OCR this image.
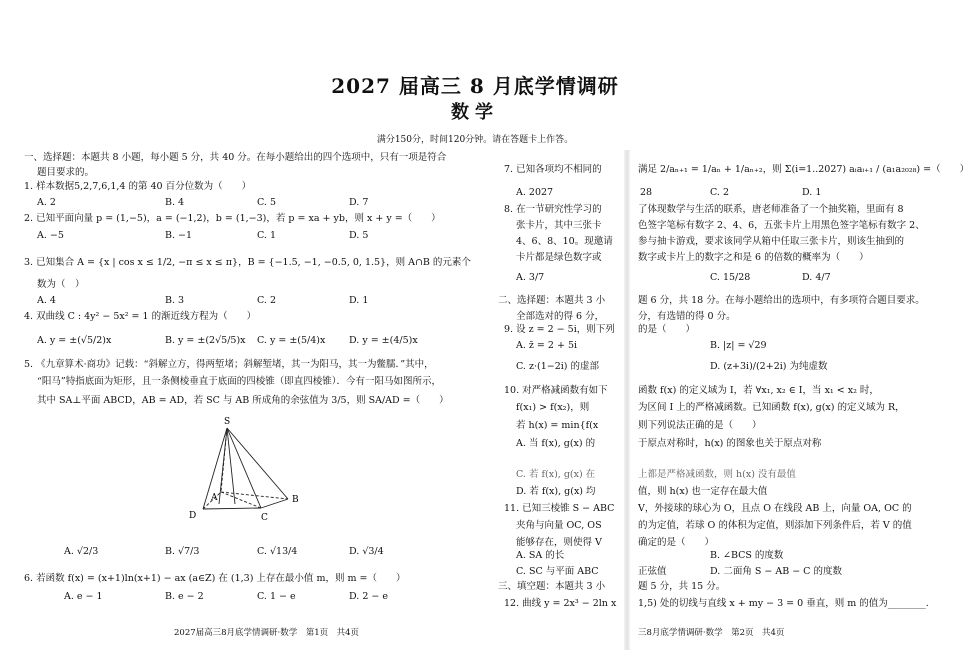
2027 届高三 8 月底学情调研
数学
满分150分，时间120分钟。请在答题卡上作答。
一、选择题：本题共 8 小题，每小题 5 分，共 40 分。在每小题给出的四个选项中，只有一项是符合
题目要求的。
1. 样本数据5,2,7,6,1,4 的第 40 百分位数为（　　）
A. 2	B. 4	C. 5	D. 7
2. 已知平面向量 p = (1,−5)，a = (−1,2)，b = (1,−3)，若 p = xa + yb，则 x + y =（　　）
A. −5	B. −1	C. 1	D. 5
3. 已知集合 A = {x | cos x ≤ 1/2, −π ≤ x ≤ π}，B = {−1.5, −1, −0.5, 0, 1.5}，则 A∩B 的元素个
数为（　）
A. 4	B. 3	C. 2	D. 1
4. 双曲线 C : 4y² − 5x² = 1 的渐近线方程为（　　）
A. y = ±(√5/2)x	B. y = ±(2√5/5)x C. y = ±(5/4)x D. y = ±(4/5)x
5. 《九章算术·商功》记载：“斜解立方，得两堑堵；斜解堑堵，其一为阳马，其一为鳖臑．”其中，
“阳马”特指底面为矩形，且一条侧棱垂直于底面的四棱锥（即直四棱锥）．今有一阳马如图所示，
其中 SA⊥平面 ABCD，AB = AD，若 SC 与 AB 所成角的余弦值为 3/5，则 SA/AD =（　　）
S
A	B
C
D
A. √2/3	B. √7/3	C. √13/4	D. √3/4
6. 若函数 f(x) = (x+1)ln(x+1) − ax (a∈Z) 在 (1,3) 上存在最小值 m，则 m =（　　）
A. e − 1	B. e − 2	C. 1 − e	D. 2 − e
2027届高三8月底学情调研·数学　第1页　共4页
7. 已知各项均不相同的
A. 2027
8. 在一节研究性学习的
张卡片，其中三张卡
4、6、8、10。现邀请
卡片都是绿色数字或
A. 3/7
二、选择题：本题共 3 小
全部选对的得 6 分，
9. 设 z = 2 − 5i，则下列
A. z̄ = 2 + 5i
C. z·(1−2i) 的虚部
10. 对严格减函数有如下
f(x₁) > f(x₂)，则
若 h(x) = min{f(x
A. 当 f(x), g(x) 的
C. 若 f(x), g(x) 在
D. 若 f(x), g(x) 均
11. 已知三棱锥 S − ABC
夹角与向量 OC, OS
能够存在，则使得 V
A. SA 的长
C. SC 与平面 ABC
三、填空题：本题共 3 小
12. 曲线 y = 2x³ − 2ln x
满足 2/aₙ₊₁ = 1/aₙ + 1/aₙ₊₂，则 Σ(i=1..2027) aᵢaᵢ₊₁ / (a₁a₂₀₂₈) =（　　）
28	C. 2	D. 1
了体现数学与生活的联系，唐老师准备了一个抽奖箱，里面有 8
色签字笔标有数字 2、4、6，五张卡片上用黑色签字笔标有数字 2、
参与抽卡游戏，要求该同学从箱中任取三张卡片，则该生抽到的
数字或卡片上的数字之和是 6 的倍数的概率为（　　）
C. 15/28	D. 4/7
题 6 分，共 18 分。在每小题给出的选项中，有多项符合题目要求。
分，有选错的得 0 分。
的是（　　）
B. |z| = √29
D. (z+3i)/(2+2i) 为纯虚数
函数 f(x) 的定义域为 I，若 ∀x₁, x₂ ∈ I，当 x₁ < x₂ 时，
为区间 I 上的严格减函数。已知函数 f(x), g(x) 的定义域为 R，
则下列说法正确的是（　　）
于原点对称时，h(x) 的图象也关于原点对称
上都是严格减函数，则 h(x) 没有最值
值，则 h(x) 也一定存在最大值
V，外接球的球心为 O，且点 O 在线段 AB 上，向量 OA, OC 的
的为定值，若球 O 的体积为定值，则添加下列条件后，若 V 的值
确定的是（　　）
B. ∠BCS 的度数
正弦值	D. 二面角 S − AB − C 的度数
题 5 分，共 15 分。
1,5) 处的切线与直线 x + my − 3 = 0 垂直，则 m 的值为________.
三8月底学情调研·数学　第2页　共4页
